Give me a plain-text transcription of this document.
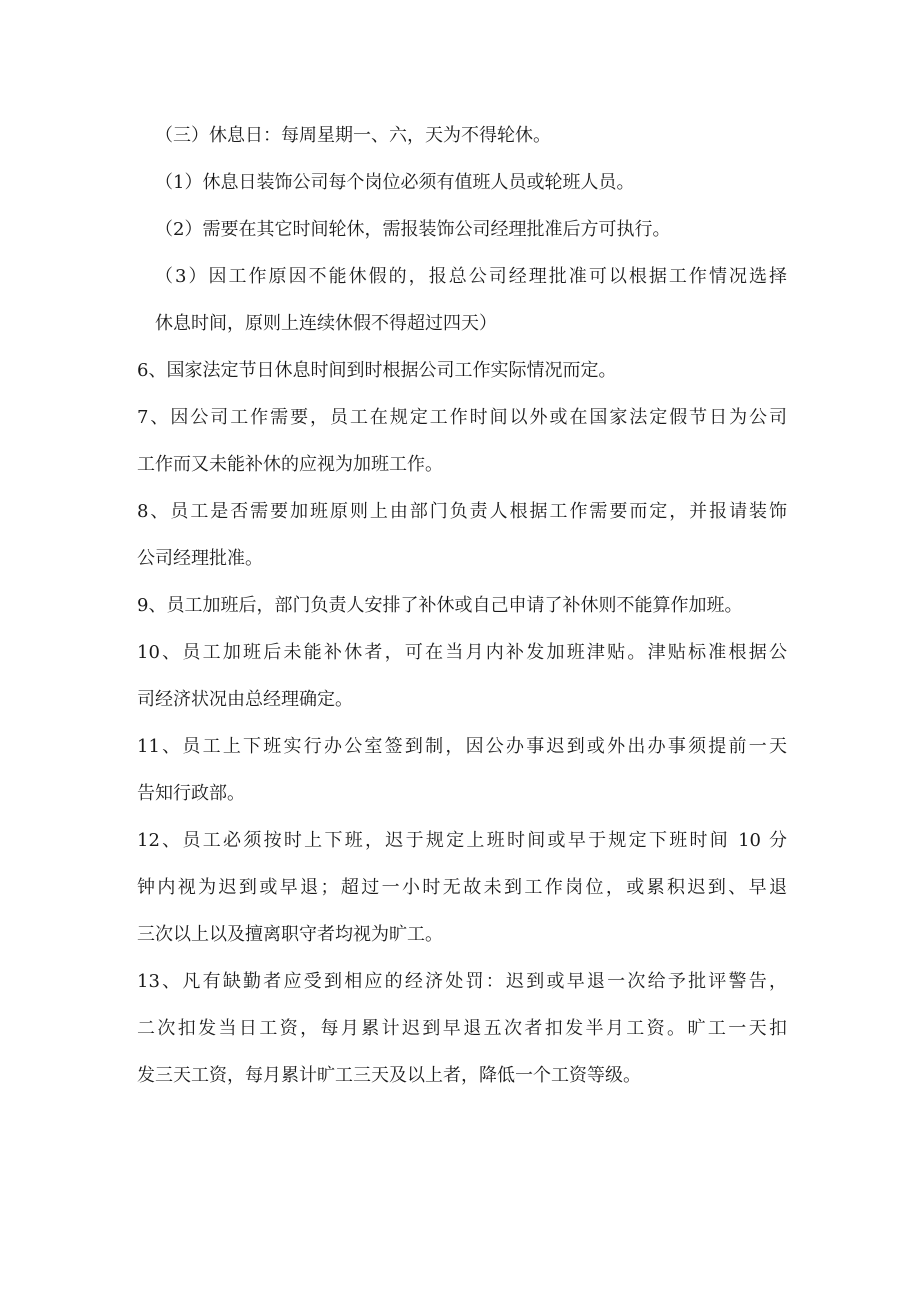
（三）休息日：每周星期一、六，天为不得轮休。
（1）休息日装饰公司每个岗位必须有值班人员或轮班人员。
（2）需要在其它时间轮休，需报装饰公司经理批准后方可执行。
（3）因工作原因不能休假的，报总公司经理批准可以根据工作情况选择
休息时间，原则上连续休假不得超过四天）
6、国家法定节日休息时间到时根据公司工作实际情况而定。
7、因公司工作需要，员工在规定工作时间以外或在国家法定假节日为公司
工作而又未能补休的应视为加班工作。
8、员工是否需要加班原则上由部门负责人根据工作需要而定，并报请装饰
公司经理批准。
9、员工加班后，部门负责人安排了补休或自己申请了补休则不能算作加班。
10、员工加班后未能补休者，可在当月内补发加班津贴。津贴标准根据公
司经济状况由总经理确定。
11、员工上下班实行办公室签到制，因公办事迟到或外出办事须提前一天
告知行政部。
12、员工必须按时上下班，迟于规定上班时间或早于规定下班时间 10 分
钟内视为迟到或早退；超过一小时无故未到工作岗位，或累积迟到、早退
三次以上以及擅离职守者均视为旷工。
13、凡有缺勤者应受到相应的经济处罚：迟到或早退一次给予批评警告，
二次扣发当日工资，每月累计迟到早退五次者扣发半月工资。旷工一天扣
发三天工资，每月累计旷工三天及以上者，降低一个工资等级。
